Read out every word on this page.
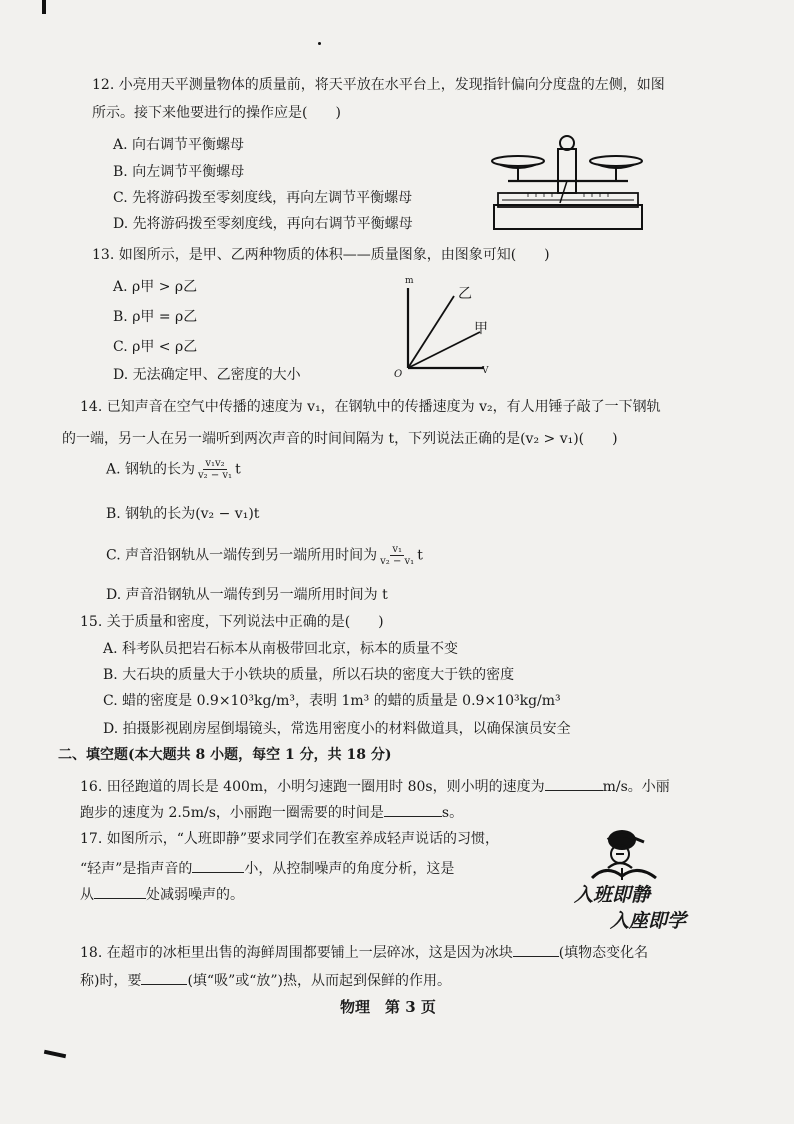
12. 小亮用天平测量物体的质量前，将天平放在水平台上，发现指针偏向分度盘的左侧，如图
所示。接下来他要进行的操作应是(　　)
A. 向右调节平衡螺母
B. 向左调节平衡螺母
C. 先将游码拨至零刻度线，再向左调节平衡螺母
D. 先将游码拨至零刻度线，再向右调节平衡螺母
13. 如图所示，是甲、乙两种物质的体积——质量图象，由图象可知(　　)
A. ρ甲 > ρ乙
B. ρ甲 = ρ乙
C. ρ甲 < ρ乙
D. 无法确定甲、乙密度的大小
m
乙
甲
O	V
14. 已知声音在空气中传播的速度为 v₁，在钢轨中的传播速度为 v₂，有人用锤子敲了一下钢轨
的一端，另一人在另一端听到两次声音的时间间隔为 t，下列说法正确的是(v₂ > v₁)(　　)
A. 钢轨的长为 $\frac{\text{v₁v₂}}{\text{v₂ − v₁}}$ t
B. 钢轨的长为(v₂ − v₁)t
C. 声音沿钢轨从一端传到另一端所用时间为 $\frac{\text{v₁}}{\text{v₂ − v₁}}$ t
D. 声音沿钢轨从一端传到另一端所用时间为 t
15. 关于质量和密度，下列说法中正确的是(　　)
A. 科考队员把岩石标本从南极带回北京，标本的质量不变
B. 大石块的质量大于小铁块的质量，所以石块的密度大于铁的密度
C. 蜡的密度是 0.9×10³kg/m³，表明 1m³ 的蜡的质量是 0.9×10³kg/m³
D. 拍摄影视剧房屋倒塌镜头，常选用密度小的材料做道具，以确保演员安全
二、填空题(本大题共 8 小题，每空 1 分，共 18 分)
16. 田径跑道的周长是 400m，小明匀速跑一圈用时 80s，则小明的速度为	m/s。小丽
跑步的速度为 2.5m/s，小丽跑一圈需要的时间是	s。
17. 如图所示，“人班即静”要求同学们在教室养成轻声说话的习惯，
“轻声”是指声音的	小，从控制噪声的角度分析，这是
从	处减弱噪声的。	入班即静
入座即学
18. 在超市的冰柜里出售的海鲜周围都要铺上一层碎冰，这是因为冰块	(填物态变化名
称)时，要	(填“吸”或“放”)热，从而起到保鲜的作用。
物理　第 3 页
